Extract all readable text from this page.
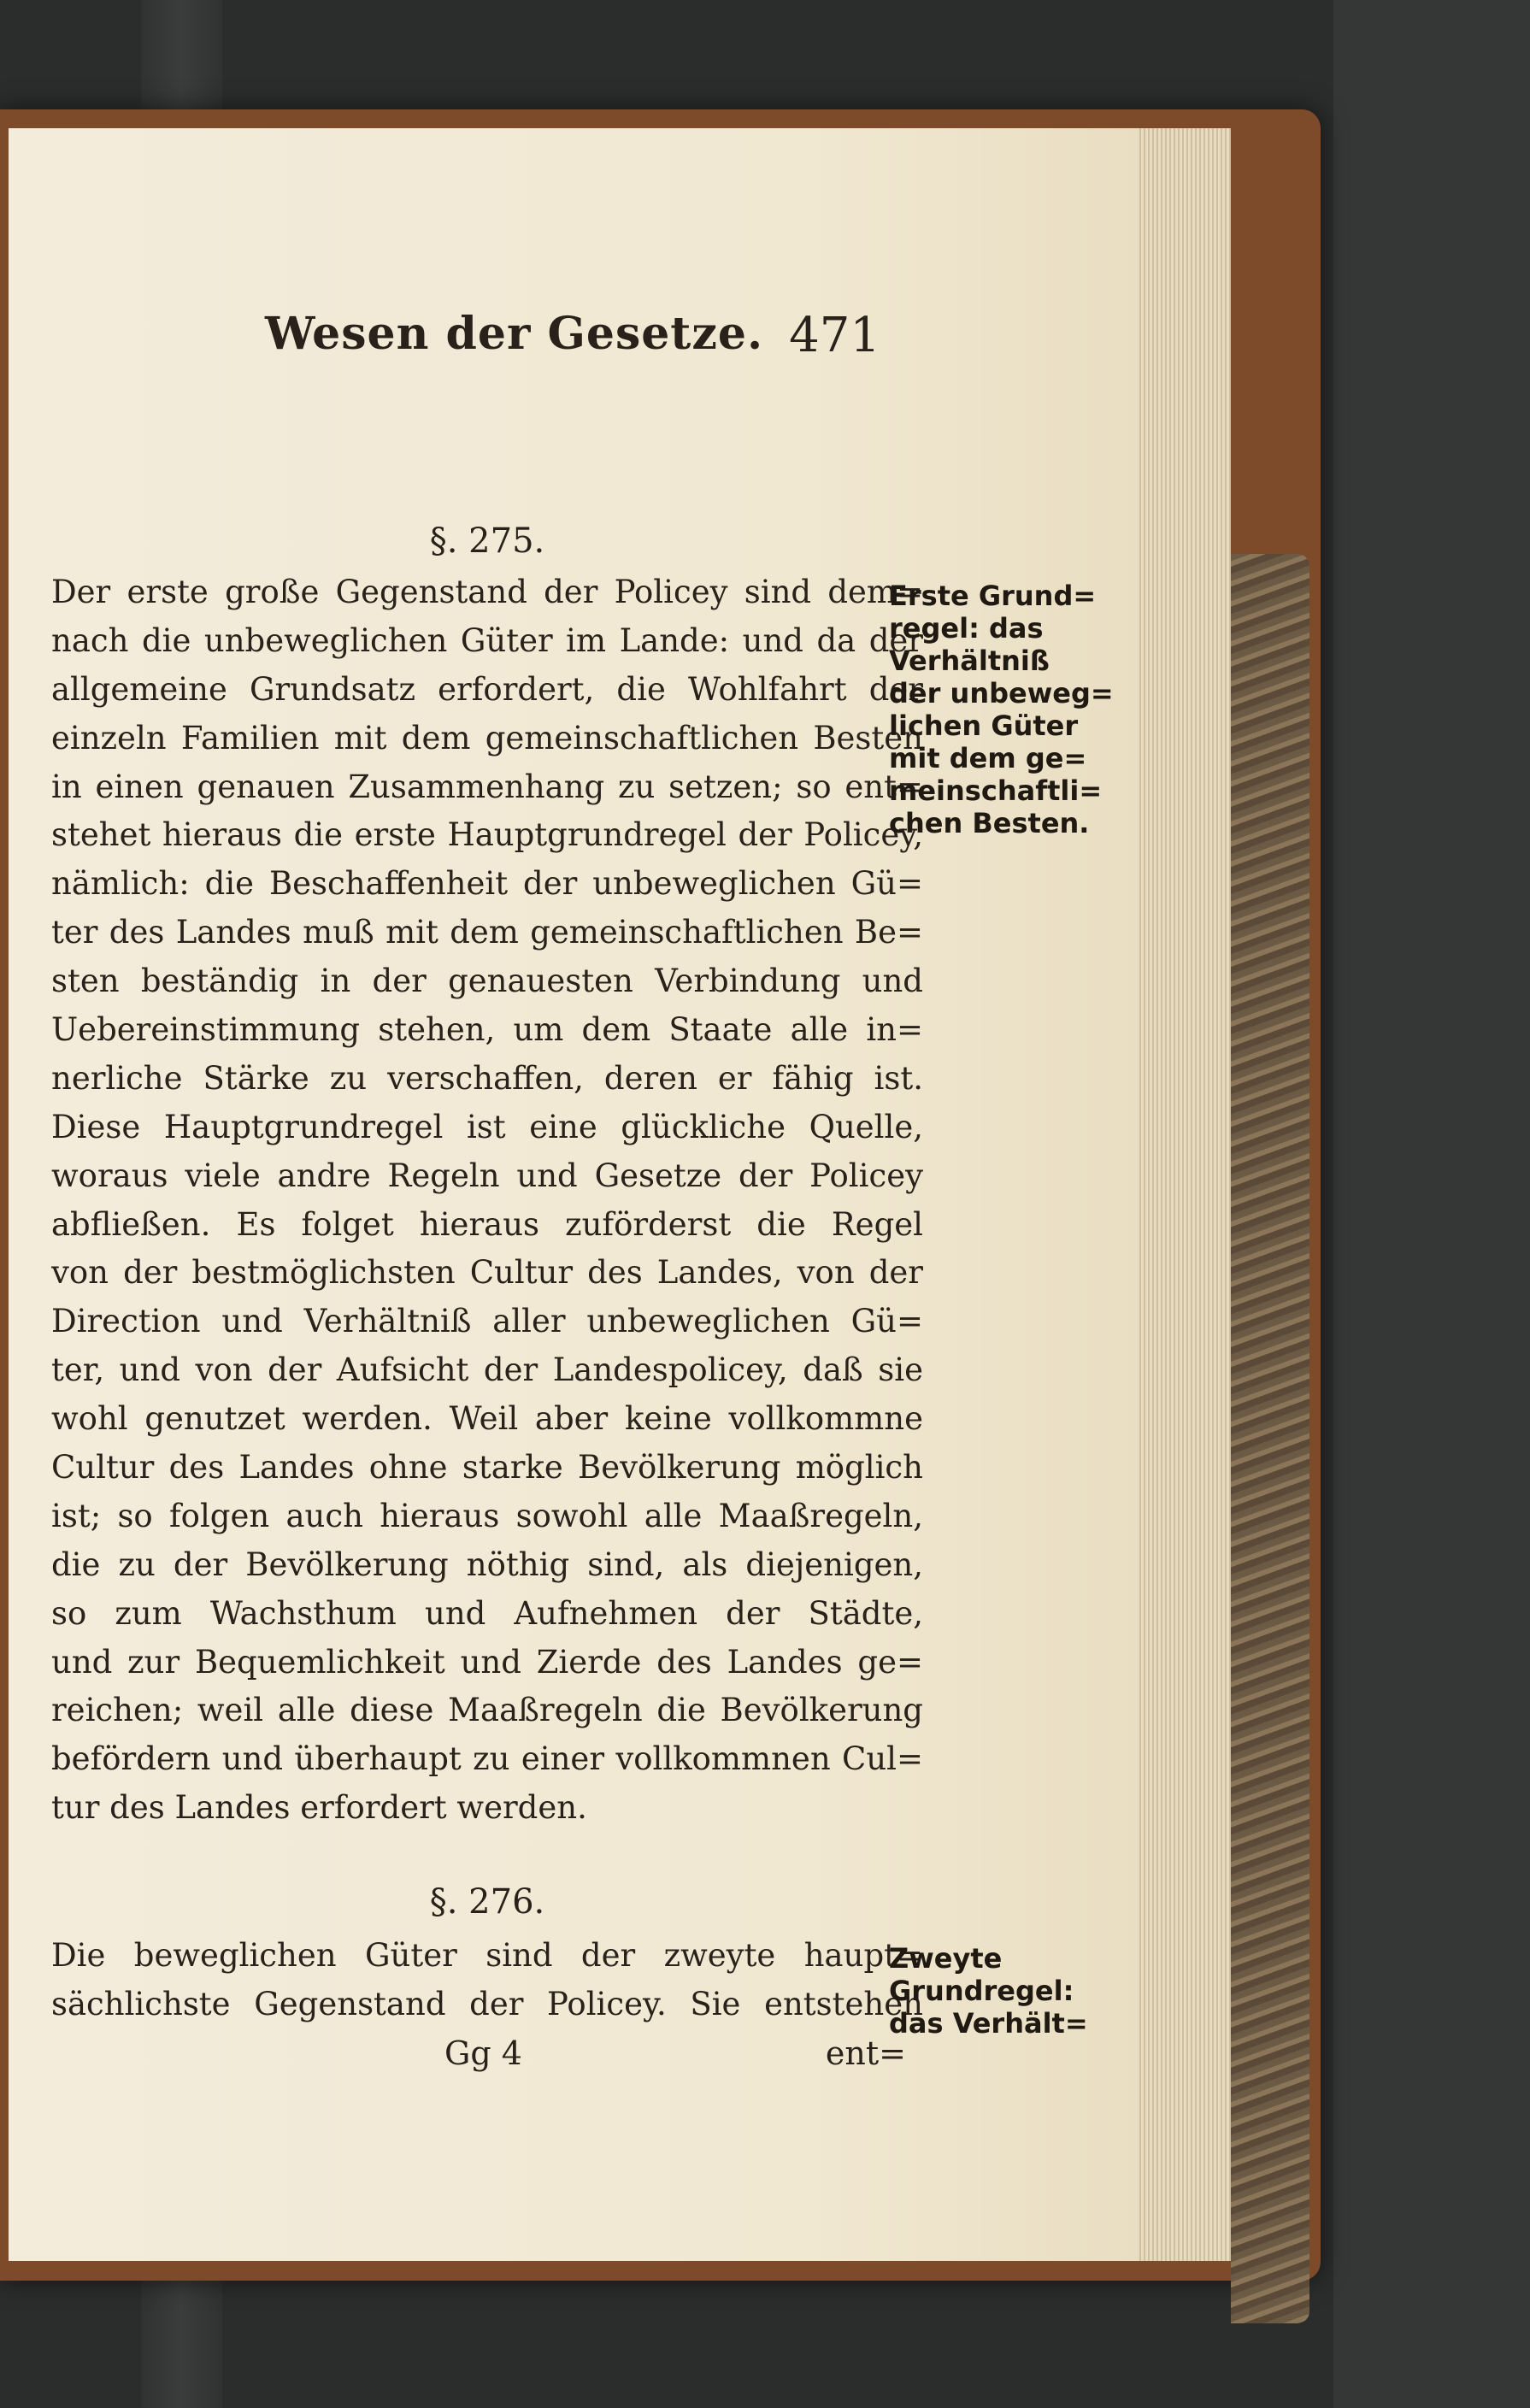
Wesen der Gesetze. 471
§. 275.
Der erste große Gegenstand der Policey sind dem=
nach die unbeweglichen Güter im Lande: und da der
allgemeine Grundsatz erfordert, die Wohlfahrt der
einzeln Familien mit dem gemeinschaftlichen Besten
in einen genauen Zusammenhang zu setzen; so ent=
stehet hieraus die erste Hauptgrundregel der Policey,
nämlich: die Beschaffenheit der unbeweglichen Gü=
ter des Landes muß mit dem gemeinschaftlichen Be=
sten beständig in der genauesten Verbindung und
Uebereinstimmung stehen, um dem Staate alle in=
nerliche Stärke zu verschaffen, deren er fähig ist.
Diese Hauptgrundregel ist eine glückliche Quelle,
woraus viele andre Regeln und Gesetze der Policey
abfließen. Es folget hieraus zuförderst die Regel
von der bestmöglichsten Cultur des Landes, von der
Direction und Verhältniß aller unbeweglichen Gü=
ter, und von der Aufsicht der Landespolicey, daß sie
wohl genutzet werden. Weil aber keine vollkommne
Cultur des Landes ohne starke Bevölkerung möglich
ist; so folgen auch hieraus sowohl alle Maaßregeln,
die zu der Bevölkerung nöthig sind, als diejenigen,
so zum Wachsthum und Aufnehmen der Städte,
und zur Bequemlichkeit und Zierde des Landes ge=
reichen; weil alle diese Maaßregeln die Bevölkerung
befördern und überhaupt zu einer vollkommnen Cul=
tur des Landes erfordert werden.
Erste Grund=
regel: das
Verhältniß
der unbeweg=
lichen Güter
mit dem ge=
meinschaftli=
chen Besten.
§. 276.
Die beweglichen Güter sind der zweyte haupt=
sächlichste Gegenstand der Policey. Sie entstehen
Zweyte
Grundregel:
das Verhält=
Gg 4	ent=
